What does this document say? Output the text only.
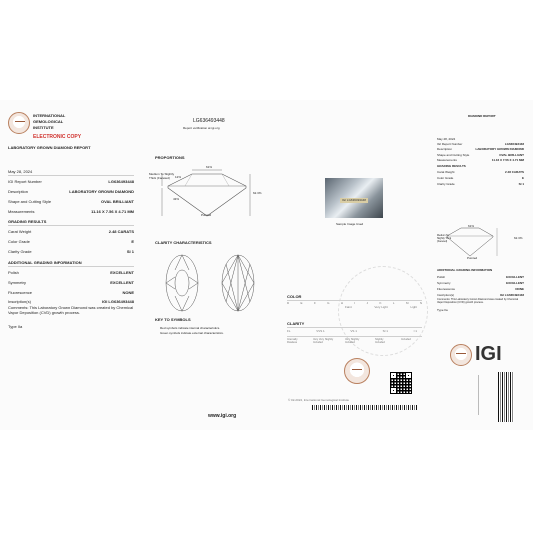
INTERNATIONAL
GEMOLOGICAL
INSTITUTE
ELECTRONIC COPY
LABORATORY GROWN DIAMOND REPORT
May 28, 2024
IGI Report Number	LG636493448
Description	LABORATORY GROWN DIAMOND
Shape and Cutting Style	OVAL BRILLIANT
Measurements	11.16 X 7.56 X 4.71 MM
GRADING RESULTS
Carat Weight	2.48 CARATS
Color Grade	E
Clarity Grade	SI 1
ADDITIONAL GRADING INFORMATION
Polish	EXCELLENT
Symmetry	EXCELLENT
Fluorescence	NONE
Inscription(s)	IGI LG636493448
Comments: This Laboratory Grown Diamond was created by Chemical Vapor Deposition (CVD) growth process.
Type IIa
LG636493448
Report verification at igi.org
PROPORTIONS
61%
62.3%
Medium To Slightly Thick (Faceted)	12%
43%
Pointed
CLARITY CHARACTERISTICS
KEY TO SYMBOLS
Red symbols indicate internal characteristics.
Green symbols indicate external characteristics.
www.igi.org
IGI LG636493448
Sample Image Used
COLOR
D	E	F	G	H	I	J	K	L	M	N
Faint	Very Light	Light
CLARITY
FL	VVS 1	VS 1	SI 1	I 1
Internally Flawless
Very Very Slightly Included
Very Slightly Included
Slightly Included
Included
© 02-2024, International Gemological Institute
DIAMOND REPORT
May 28, 2024
IGI Report Number	LG636493448
Description	LABORATORY GROWN DIAMOND
Shape and Cutting Style	OVAL BRILLIANT
Measurements	11.16 X 7.56 X 4.71 MM
GRADING RESULTS
Carat Weight	2.48 CARATS
Color Grade	E
Clarity Grade	SI 1
61%
62.3%
Medium To Slightly Thick (Faceted)
Pointed
ADDITIONAL GRADING INFORMATION
Polish	EXCELLENT
Symmetry	EXCELLENT
Fluorescence	NONE
Inscription(s)	IGI LG636493448
Comments: This Laboratory Grown Diamond was created by Chemical Vapor Deposition (CVD) growth process.
Type IIa
IGI
